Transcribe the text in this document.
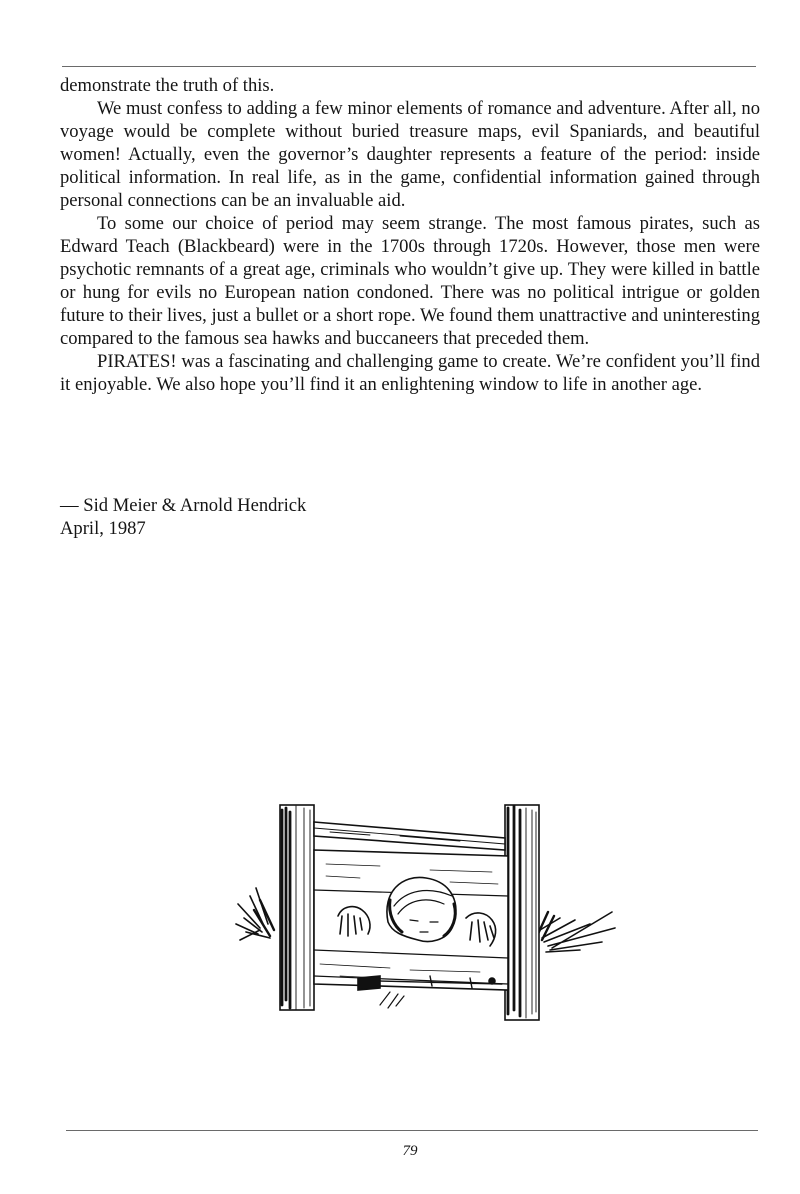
demonstrate the truth of this.

We must confess to adding a few minor elements of romance and adventure. After all, no voyage would be complete without buried treasure maps, evil Spaniards, and beautiful women! Actually, even the governor’s daughter represents a feature of the period: inside political information. In real life, as in the game, confidential information gained through personal connections can be an invaluable aid.

To some our choice of period may seem strange. The most famous pirates, such as Edward Teach (Blackbeard) were in the 1700s through 1720s. However, those men were psychotic remnants of a great age, criminals who wouldn’t give up. They were killed in battle or hung for evils no European nation condoned. There was no political intrigue or golden future to their lives, just a bullet or a short rope. We found them unattractive and uninteresting compared to the famous sea hawks and buccaneers that preceded them.

PIRATES! was a fascinating and challenging game to create. We’re confident you’ll find it enjoyable. We also hope you’ll find it an enlightening window to life in another age.

— Sid Meier & Arnold Hendrick
April, 1987
79
